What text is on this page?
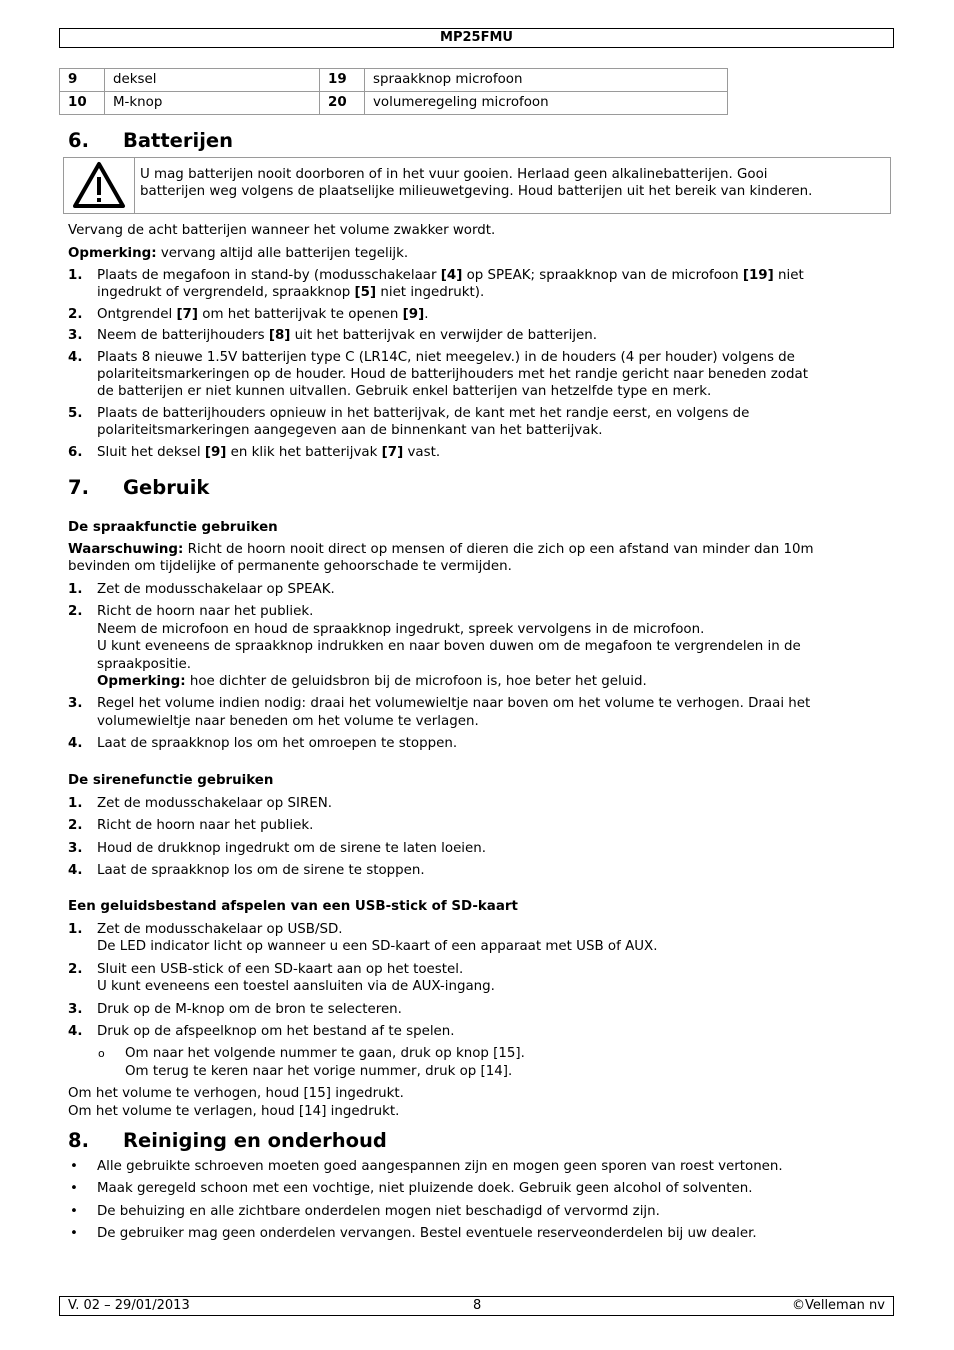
MP25FMU
9	deksel	19	spraakknop microfoon
10	M-knop	20	volumeregeling microfoon
6. Batterijen
U mag batterijen nooit doorboren of in het vuur gooien. Herlaad geen alkalinebatterijen. Gooi
batterijen weg volgens de plaatselijke milieuwetgeving. Houd batterijen uit het bereik van kinderen.

Vervang de acht batterijen wanneer het volume zwakker wordt.

Opmerking: vervang altijd alle batterijen tegelijk.

1. Plaats de megafoon in stand-by (modusschakelaar [4] op SPEAK; spraakknop van de microfoon [19] niet
ingedrukt of vergrendeld, spraakknop [5] niet ingedrukt).
2. Ontgrendel [7] om het batterijvak te openen [9].
3. Neem de batterijhouders [8] uit het batterijvak en verwijder de batterijen.
4. Plaats 8 nieuwe 1.5V batterijen type C (LR14C, niet meegelev.) in de houders (4 per houder) volgens de
polariteitsmarkeringen op de houder. Houd de batterijhouders met het randje gericht naar beneden zodat
de batterijen er niet kunnen uitvallen. Gebruik enkel batterijen van hetzelfde type en merk.
5. Plaats de batterijhouders opnieuw in het batterijvak, de kant met het randje eerst, en volgens de
polariteitsmarkeringen aangegeven aan de binnenkant van het batterijvak.
6. Sluit het deksel [9] en klik het batterijvak [7] vast.
7. Gebruik
De spraakfunctie gebruiken
Waarschuwing: Richt de hoorn nooit direct op mensen of dieren die zich op een afstand van minder dan 10m
bevinden om tijdelijke of permanente gehoorschade te vermijden.
1. Zet de modusschakelaar op SPEAK.
2. Richt de hoorn naar het publiek.
Neem de microfoon en houd de spraakknop ingedrukt, spreek vervolgens in de microfoon.
U kunt eveneens de spraakknop indrukken en naar boven duwen om de megafoon te vergrendelen in de
spraakpositie.
Opmerking: hoe dichter de geluidsbron bij de microfoon is, hoe beter het geluid.
3. Regel het volume indien nodig: draai het volumewieltje naar boven om het volume te verhogen. Draai het
volumewieltje naar beneden om het volume te verlagen.
4. Laat de spraakknop los om het omroepen te stoppen.
De sirenefunctie gebruiken
1. Zet de modusschakelaar op SIREN.
2. Richt de hoorn naar het publiek.
3. Houd de drukknop ingedrukt om de sirene te laten loeien.
4. Laat de spraakknop los om de sirene te stoppen.
Een geluidsbestand afspelen van een USB-stick of SD-kaart
1. Zet de modusschakelaar op USB/SD.
De LED indicator licht op wanneer u een SD-kaart of een apparaat met USB of AUX.
2. Sluit een USB-stick of een SD-kaart aan op het toestel.
U kunt eveneens een toestel aansluiten via de AUX-ingang.
3. Druk op de M-knop om de bron te selecteren.
4. Druk op de afspeelknop om het bestand af te spelen.
o Om naar het volgende nummer te gaan, druk op knop [15].
Om terug te keren naar het vorige nummer, druk op [14].

Om het volume te verhogen, houd [15] ingedrukt.

Om het volume te verlagen, houd [14] ingedrukt.

8. Reiniging en onderhoud
• Alle gebruikte schroeven moeten goed aangespannen zijn en mogen geen sporen van roest vertonen.
• Maak geregeld schoon met een vochtige, niet pluizende doek. Gebruik geen alcohol of solventen.
• De behuizing en alle zichtbare onderdelen mogen niet beschadigd of vervormd zijn.
• De gebruiker mag geen onderdelen vervangen. Bestel eventuele reserveonderdelen bij uw dealer.
V. 02 – 29/01/2013	8	©Velleman nv
